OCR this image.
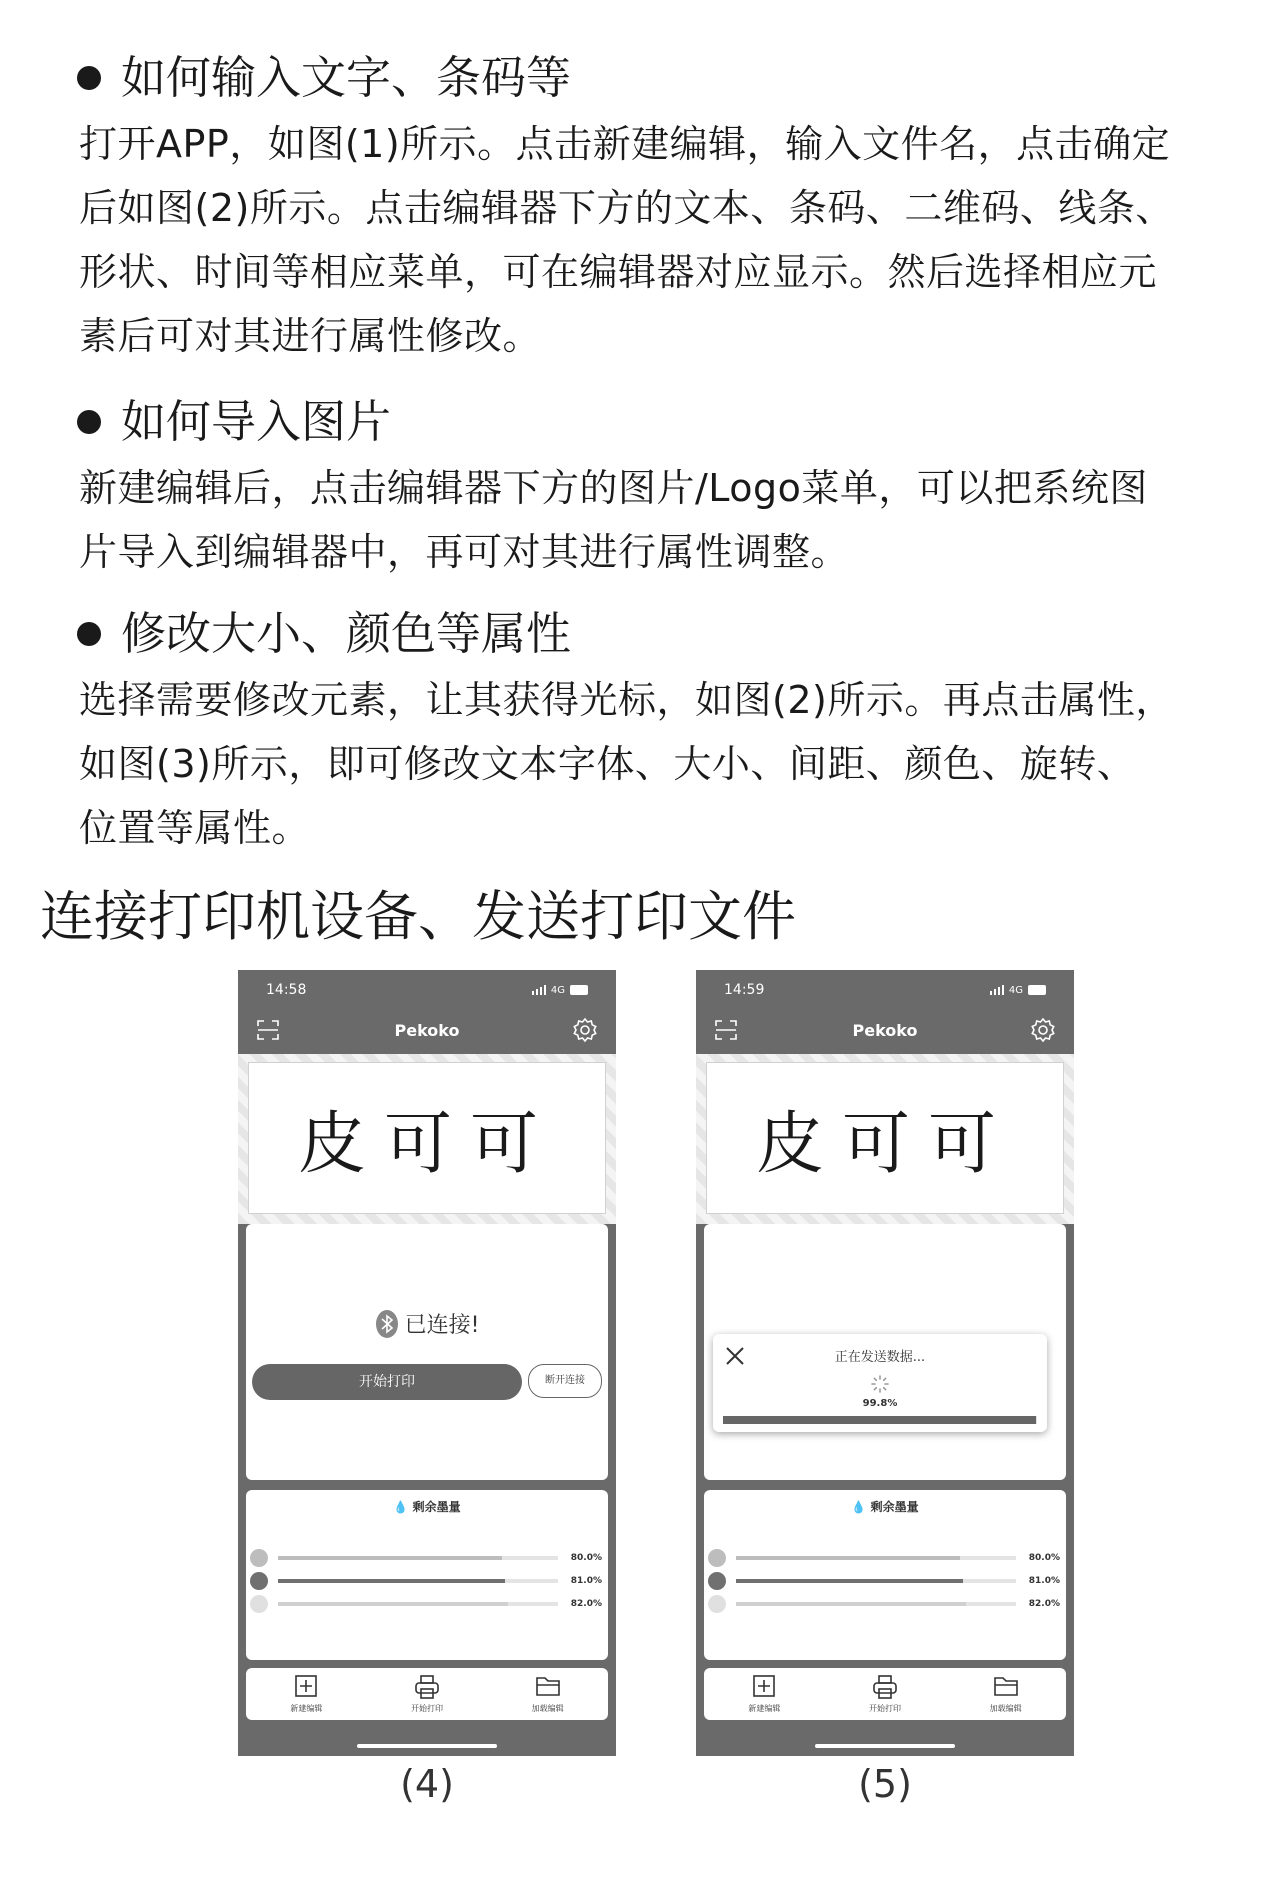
如何输入文字、条码等
打开APP，如图(1)所示。点击新建编辑，输入文件名，点击确定
后如图(2)所示。点击编辑器下方的文本、条码、二维码、线条、
形状、时间等相应菜单，可在编辑器对应显示。然后选择相应元
素后可对其进行属性修改。
如何导入图片
新建编辑后，点击编辑器下方的图片/Logo菜单，可以把系统图
片导入到编辑器中，再可对其进行属性调整。
修改大小、颜色等属性
选择需要修改元素，让其获得光标，如图(2)所示。再点击属性，
如图(3)所示，即可修改文本字体、大小、间距、颜色、旋转、
位置等属性。
连接打印机设备、发送打印文件
14:58	4G
Pekoko
皮可可
已连接!
开始打印	断开连接
💧 剩余墨量
80.0%
81.0%
82.0%
新建编辑	开始打印	加载编辑
(4)
14:59	4G
Pekoko
皮可可
💧 剩余墨量
80.0%
81.0%
82.0%
新建编辑	开始打印	加载编辑
正在发送数据...
99.8%
(5)
